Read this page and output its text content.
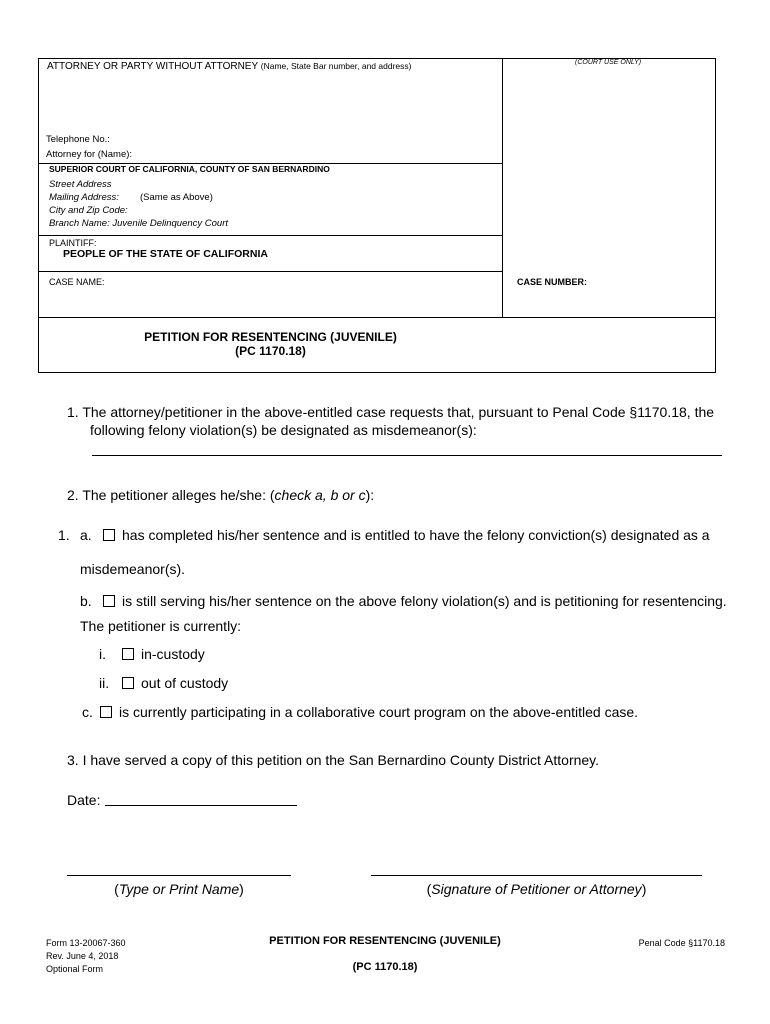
ATTORNEY OR PARTY WITHOUT ATTORNEY (Name, State Bar number, and address)	(COURT USE ONLY)
Telephone No.:
Attorney for (Name):
SUPERIOR COURT OF CALIFORNIA, COUNTY OF SAN BERNARDINO
Street Address
Mailing Address: (Same as Above)
City and Zip Code:
Branch Name: Juvenile Delinquency Court
PLAINTIFF:
PEOPLE OF THE STATE OF CALIFORNIA
CASE NAME:	CASE NUMBER:
PETITION FOR RESENTENCING (JUVENILE)
(PC 1170.18)
1. The attorney/petitioner in the above-entitled case requests that, pursuant to Penal Code §1170.18, the
following felony violation(s) be designated as misdemeanor(s):
2. The petitioner alleges he/she: (check a, b or c):
1. a. has completed his/her sentence and is entitled to have the felony conviction(s) designated as a
misdemeanor(s).
b. is still serving his/her sentence on the above felony violation(s) and is petitioning for resentencing.
The petitioner is currently:
i.	in-custody
ii. out of custody
c. is currently participating in a collaborative court program on the above-entitled case.
3. I have served a copy of this petition on the San Bernardino County District Attorney.
Date:
(Type or Print Name)	(Signature of Petitioner or Attorney)
Form 13-20067-360
Rev. June 4, 2018
Optional Form
PETITION FOR RESENTENCING (JUVENILE)
(PC 1170.18)
Penal Code §1170.18
